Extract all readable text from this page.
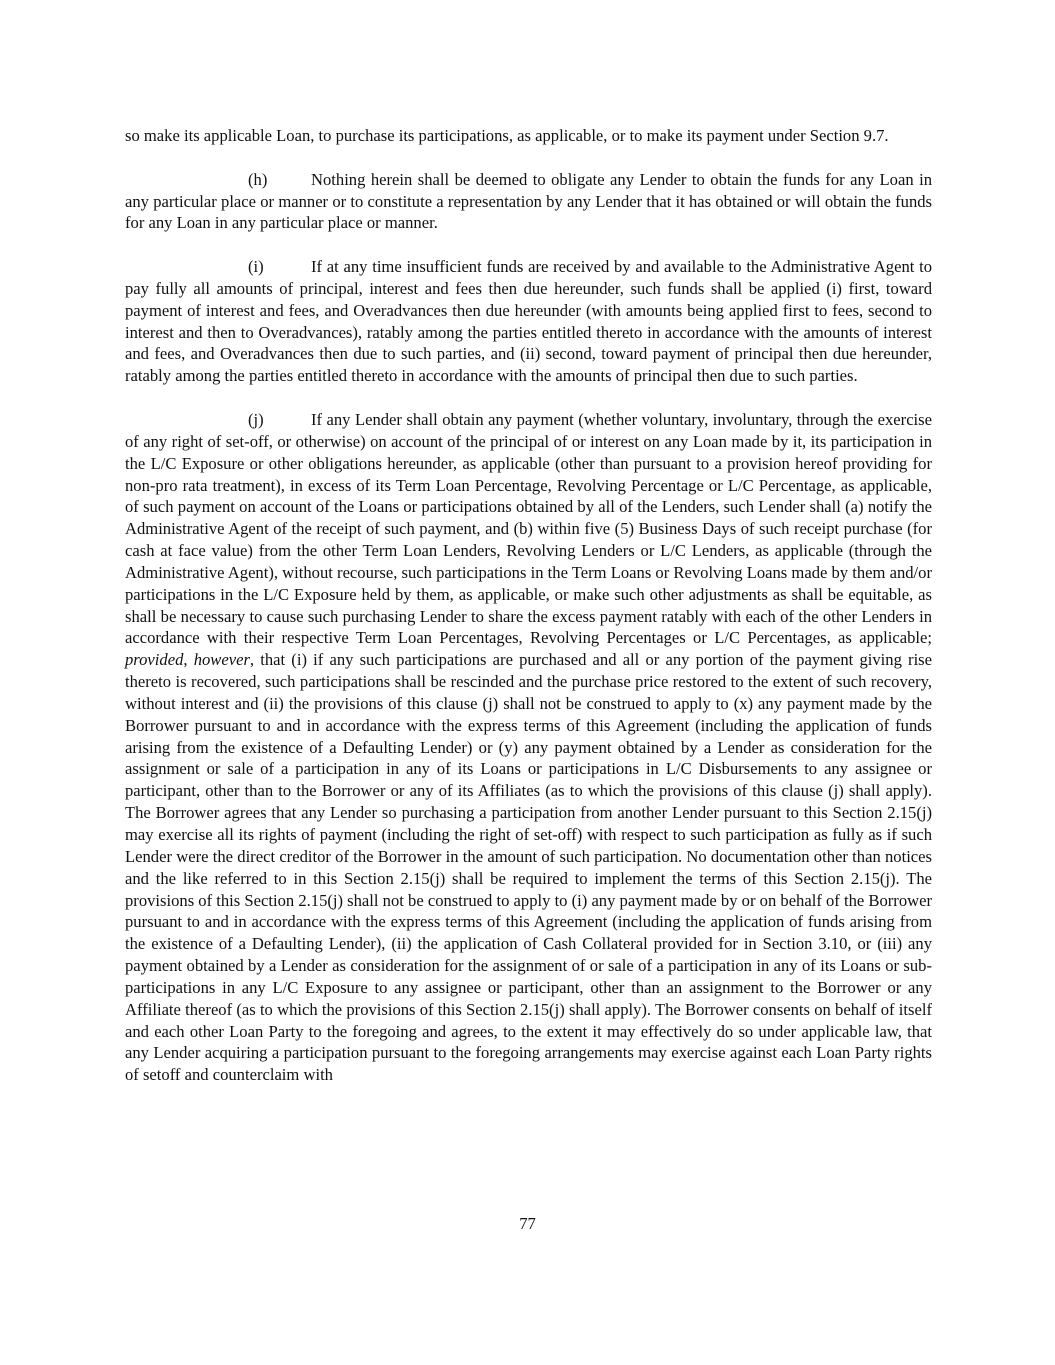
so make its applicable Loan, to purchase its participations, as applicable, or to make its payment under Section 9.7.

(h)	Nothing herein shall be deemed to obligate any Lender to obtain the funds for any Loan in any particular place or manner or to constitute a representation by any Lender that it has obtained or will obtain the funds for any Loan in any particular place or manner.

(i)	If at any time insufficient funds are received by and available to the Administrative Agent to pay fully all amounts of principal, interest and fees then due hereunder, such funds shall be applied (i) first, toward payment of interest and fees, and Overadvances then due hereunder (with amounts being applied first to fees, second to interest and then to Overadvances), ratably among the parties entitled thereto in accordance with the amounts of interest and fees, and Overadvances then due to such parties, and (ii) second, toward payment of principal then due hereunder, ratably among the parties entitled thereto in accordance with the amounts of principal then due to such parties.

(j)	If any Lender shall obtain any payment (whether voluntary, involuntary, through the exercise of any right of set-off, or otherwise) on account of the principal of or interest on any Loan made by it, its participation in the L/C Exposure or other obligations hereunder, as applicable (other than pursuant to a provision hereof providing for non-pro rata treatment), in excess of its Term Loan Percentage, Revolving Percentage or L/C Percentage, as applicable, of such payment on account of the Loans or participations obtained by all of the Lenders, such Lender shall (a) notify the Administrative Agent of the receipt of such payment, and (b) within five (5) Business Days of such receipt purchase (for cash at face value) from the other Term Loan Lenders, Revolving Lenders or L/C Lenders, as applicable (through the Administrative Agent), without recourse, such participations in the Term Loans or Revolving Loans made by them and/or participations in the L/C Exposure held by them, as applicable, or make such other adjustments as shall be equitable, as shall be necessary to cause such purchasing Lender to share the excess payment ratably with each of the other Lenders in accordance with their respective Term Loan Percentages, Revolving Percentages or L/C Percentages, as applicable; provided, however, that (i) if any such participations are purchased and all or any portion of the payment giving rise thereto is recovered, such participations shall be rescinded and the purchase price restored to the extent of such recovery, without interest and (ii) the provisions of this clause (j) shall not be construed to apply to (x) any payment made by the Borrower pursuant to and in accordance with the express terms of this Agreement (including the application of funds arising from the existence of a Defaulting Lender) or (y) any payment obtained by a Lender as consideration for the assignment or sale of a participation in any of its Loans or participations in L/C Disbursements to any assignee or participant, other than to the Borrower or any of its Affiliates (as to which the provisions of this clause (j) shall apply). The Borrower agrees that any Lender so purchasing a participation from another Lender pursuant to this Section 2.15(j) may exercise all its rights of payment (including the right of set-off) with respect to such participation as fully as if such Lender were the direct creditor of the Borrower in the amount of such participation. No documentation other than notices and the like referred to in this Section 2.15(j) shall be required to implement the terms of this Section 2.15(j). The provisions of this Section 2.15(j) shall not be construed to apply to (i) any payment made by or on behalf of the Borrower pursuant to and in accordance with the express terms of this Agreement (including the application of funds arising from the existence of a Defaulting Lender), (ii) the application of Cash Collateral provided for in Section 3.10, or (iii) any payment obtained by a Lender as consideration for the assignment of or sale of a participation in any of its Loans or sub-participations in any L/C Exposure to any assignee or participant, other than an assignment to the Borrower or any Affiliate thereof (as to which the provisions of this Section 2.15(j) shall apply). The Borrower consents on behalf of itself and each other Loan Party to the foregoing and agrees, to the extent it may effectively do so under applicable law, that any Lender acquiring a participation pursuant to the foregoing arrangements may exercise against each Loan Party rights of setoff and counterclaim with

77
